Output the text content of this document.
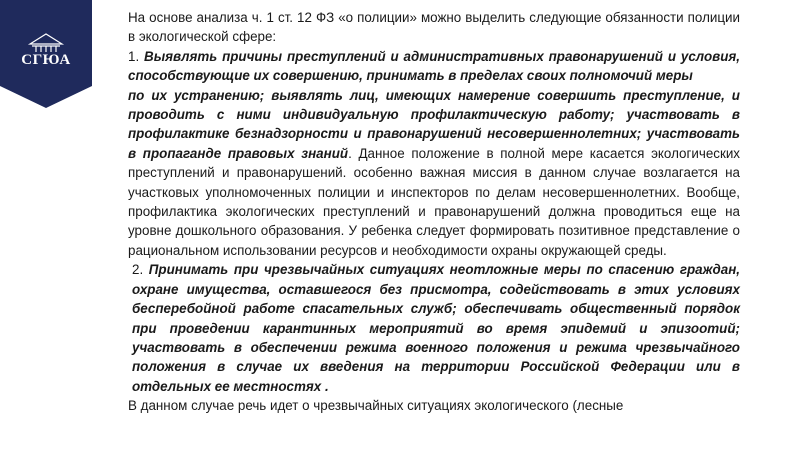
СГЮА

На основе анализа ч. 1 ст. 12 ФЗ «о полиции» можно выделить следующие обязанности полиции в экологической сфере:

1. Выявлять причины преступлений и административных правонарушений и условия, способствующие их совершению, принимать в пределах своих полномочий меры

по их устранению; выявлять лиц, имеющих намерение совершить преступление, и проводить с ними индивидуальную профилактическую работу; участвовать в профилактике безнадзорности и правонарушений несовершеннолетних; участвовать в пропаганде правовых знаний. Данное положение в полной мере касается экологических преступлений и правонарушений. особенно важная миссия в данном случае возлагается на участковых уполномоченных полиции и инспекторов по делам несовершеннолетних. Вообще, профилактика экологических преступлений и правонарушений должна проводиться еще на уровне дошкольного образования. У ребенка следует формировать позитивное представление о рациональном использовании ресурсов и необходимости охраны окружающей среды.

2. Принимать при чрезвычайных ситуациях неотложные меры по спасению граждан, охране имущества, оставшегося без присмотра, содействовать в этих условиях бесперебойной работе спасательных служб; обеспечивать общественный порядок при проведении карантинных мероприятий во время эпидемий и эпизоотий; участвовать в обеспечении режима военного положения и режима чрезвычайного положения в случае их введения на территории Российской Федерации или в отдельных ее местностях .

В данном случае речь идет о чрезвычайных ситуациях экологического (лесные
